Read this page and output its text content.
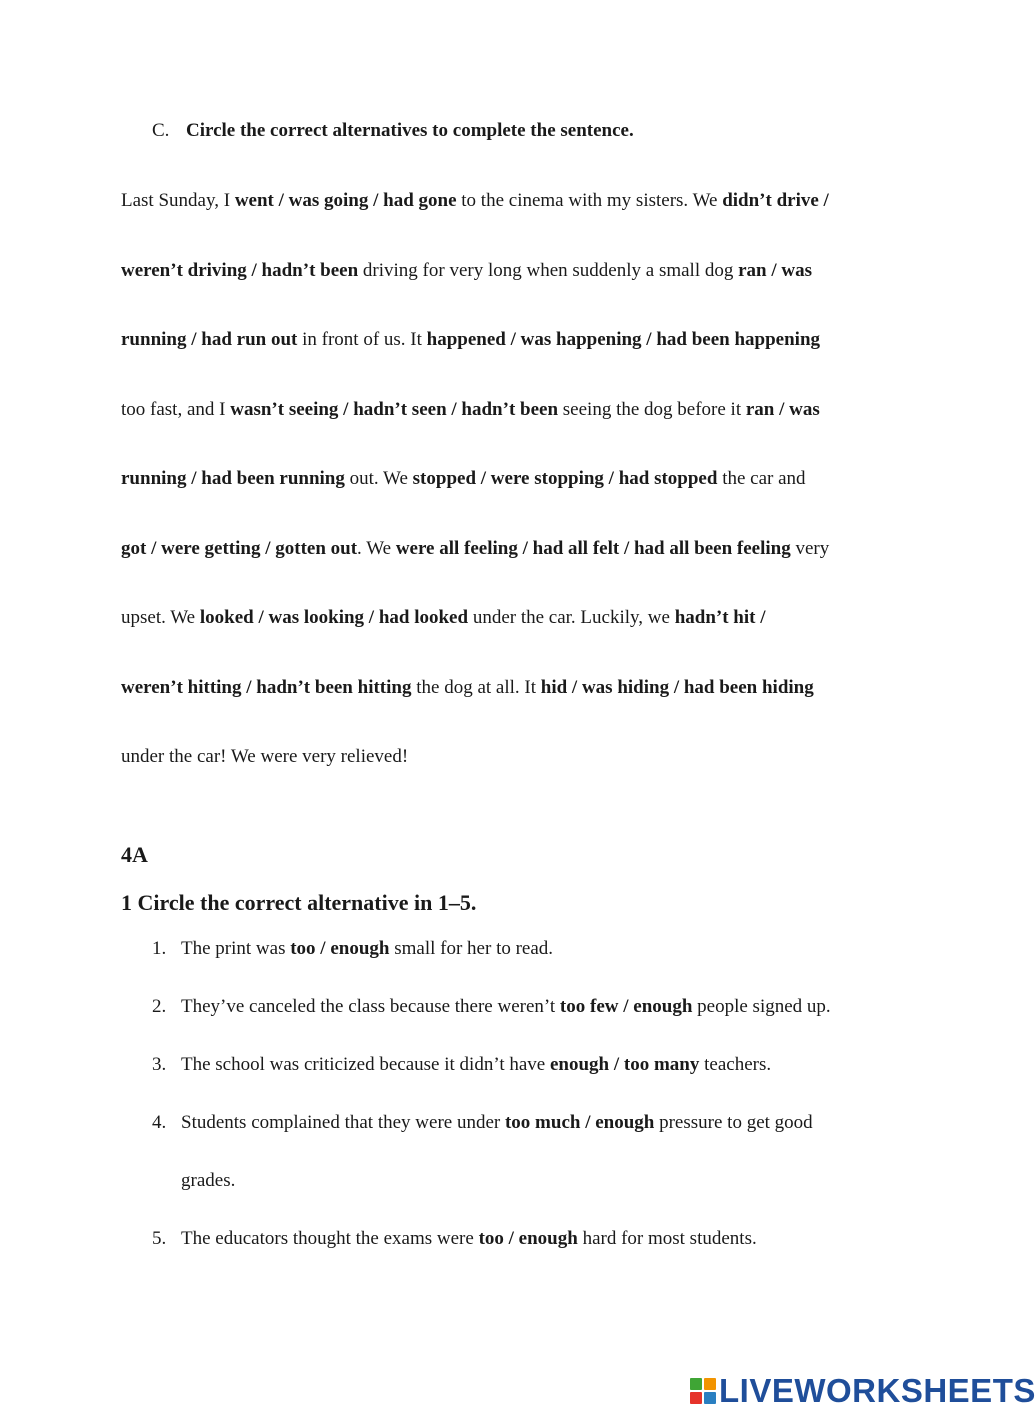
C. Circle the correct alternatives to complete the sentence.
Last Sunday, I went / was going / had gone to the cinema with my sisters. We didn’t drive /
weren’t driving / hadn’t been driving for very long when suddenly a small dog ran / was
running / had run out in front of us. It happened / was happening / had been happening
too fast, and I wasn’t seeing / hadn’t seen / hadn’t been seeing the dog before it ran / was
running / had been running out. We stopped / were stopping / had stopped the car and
got / were getting / gotten out. We were all feeling / had all felt / had all been feeling very
upset. We looked / was looking / had looked under the car. Luckily, we hadn’t hit /
weren’t hitting / hadn’t been hitting the dog at all. It hid / was hiding / had been hiding
under the car! We were very relieved!
4A
1 Circle the correct alternative in 1–5.
1. The print was too / enough small for her to read.
2. They’ve canceled the class because there weren’t too few / enough people signed up.
3. The school was criticized because it didn’t have enough / too many teachers.
4. Students complained that they were under too much / enough pressure to get good
grades.
5. The educators thought the exams were too / enough hard for most students.
LIVEWORKSHEETS
